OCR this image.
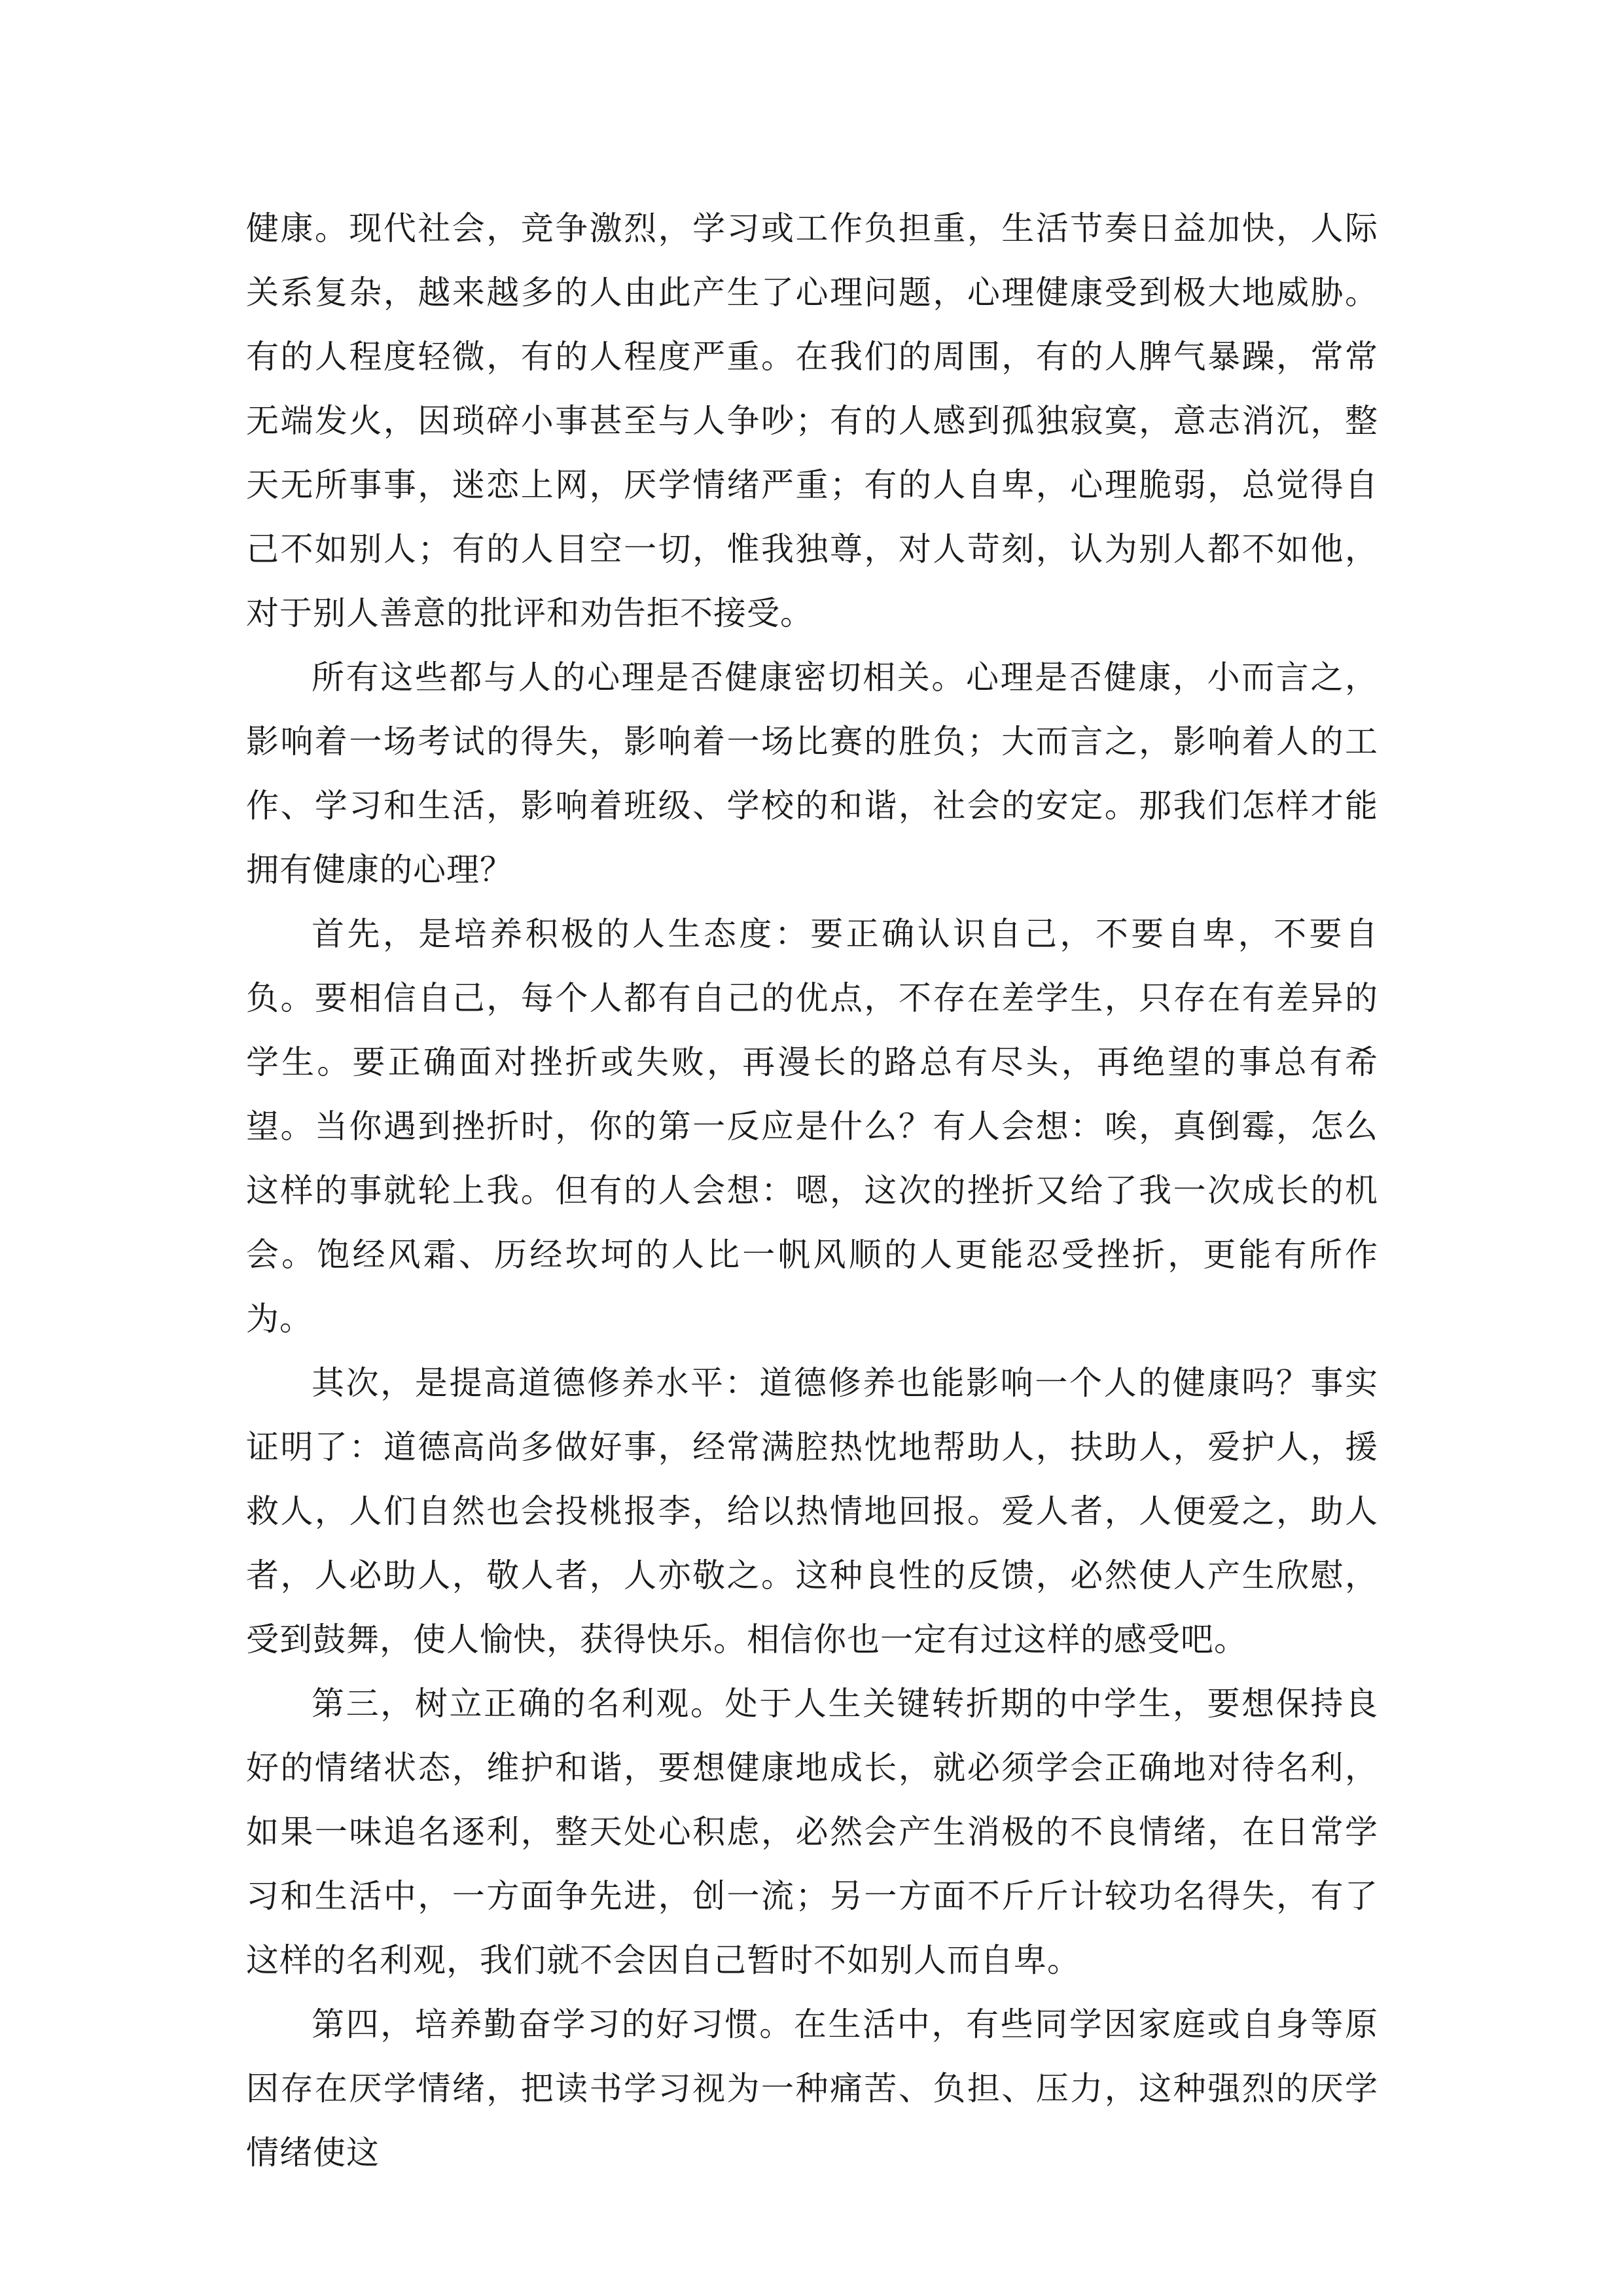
健康。现代社会，竞争激烈，学习或工作负担重，生活节奏日益加快，人际关系复杂，越来越多的人由此产生了心理问题，心理健康受到极大地威胁。有的人程度轻微，有的人程度严重。在我们的周围，有的人脾气暴躁，常常无端发火，因琐碎小事甚至与人争吵；有的人感到孤独寂寞，意志消沉，整天无所事事，迷恋上网，厌学情绪严重；有的人自卑，心理脆弱，总觉得自己不如别人；有的人目空一切，惟我独尊，对人苛刻，认为别人都不如他，对于别人善意的批评和劝告拒不接受。

所有这些都与人的心理是否健康密切相关。心理是否健康，小而言之，影响着一场考试的得失，影响着一场比赛的胜负；大而言之，影响着人的工作、学习和生活，影响着班级、学校的和谐，社会的安定。那我们怎样才能拥有健康的心理？

首先，是培养积极的人生态度：要正确认识自己，不要自卑，不要自负。要相信自己，每个人都有自己的优点，不存在差学生，只存在有差异的学生。要正确面对挫折或失败，再漫长的路总有尽头，再绝望的事总有希望。当你遇到挫折时，你的第一反应是什么？有人会想：唉，真倒霉，怎么这样的事就轮上我。但有的人会想：嗯，这次的挫折又给了我一次成长的机会。饱经风霜、历经坎坷的人比一帆风顺的人更能忍受挫折，更能有所作为。

其次，是提高道德修养水平：道德修养也能影响一个人的健康吗？事实证明了：道德高尚多做好事，经常满腔热忱地帮助人，扶助人，爱护人，援救人，人们自然也会投桃报李，给以热情地回报。爱人者，人便爱之，助人者，人必助人，敬人者，人亦敬之。这种良性的反馈，必然使人产生欣慰，受到鼓舞，使人愉快，获得快乐。相信你也一定有过这样的感受吧。

第三，树立正确的名利观。处于人生关键转折期的中学生，要想保持良好的情绪状态，维护和谐，要想健康地成长，就必须学会正确地对待名利，如果一味追名逐利，整天处心积虑，必然会产生消极的不良情绪，在日常学习和生活中，一方面争先进，创一流；另一方面不斤斤计较功名得失，有了这样的名利观，我们就不会因自己暂时不如别人而自卑。

第四，培养勤奋学习的好习惯。在生活中，有些同学因家庭或自身等原因存在厌学情绪，把读书学习视为一种痛苦、负担、压力，这种强烈的厌学情绪使这
